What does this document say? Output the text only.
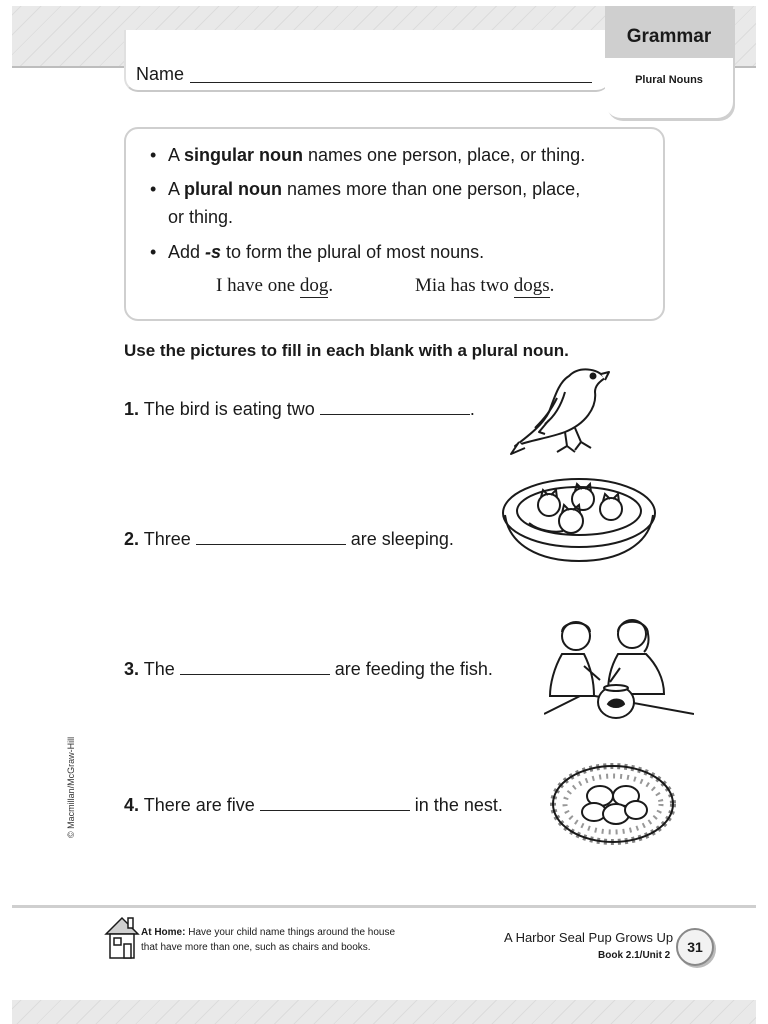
Name
Grammar
Plural Nouns
• A singular noun names one person, place, or thing.
• A plural noun names more than one person, place,
or thing.
• Add -s to form the plural of most nouns.
I have one dog.	Mia has two dogs.
Use the pictures to fill in each blank with a plural noun.
1. The bird is eating two	.
2. Three	are sleeping.
3. The	are feeding the fish.
4. There are five	in the nest.
© Macmillan/McGraw-Hill
At Home: Have your child name things around the house
that have more than one, such as chairs and books.
A Harbor Seal Pup Grows Up
Book 2.1/Unit 2
31
